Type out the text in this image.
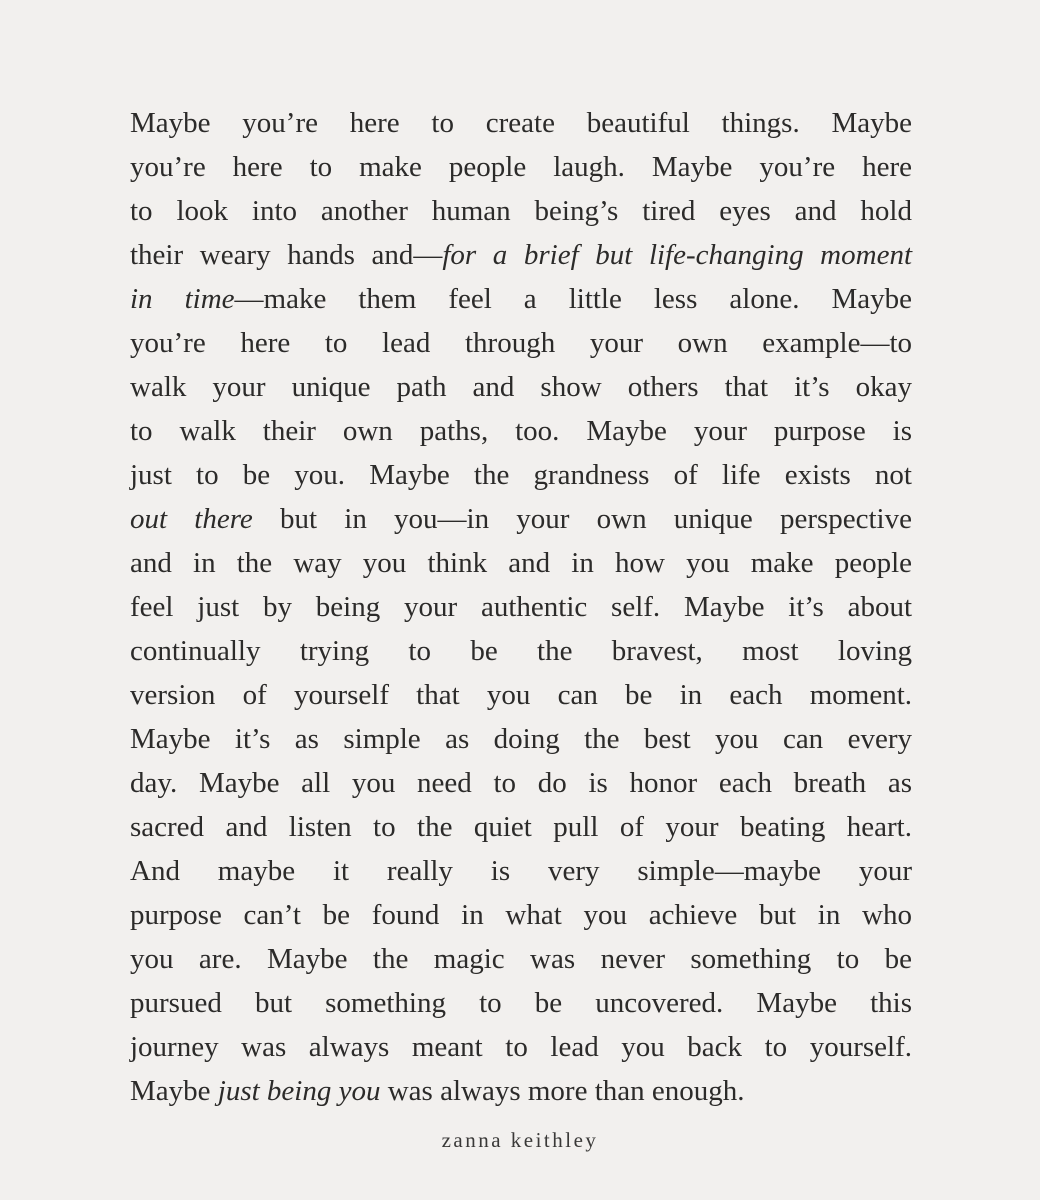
Maybe you’re here to create beautiful things. Maybe
you’re here to make people laugh. Maybe you’re here
to look into another human being’s tired eyes and hold
their weary hands and—for a brief but life-changing moment
in time—make them feel a little less alone. Maybe
you’re here to lead through your own example—to
walk your unique path and show others that it’s okay
to walk their own paths, too. Maybe your purpose is
just to be you. Maybe the grandness of life exists not
out there but in you—in your own unique perspective
and in the way you think and in how you make people
feel just by being your authentic self. Maybe it’s about
continually trying to be the bravest, most loving
version of yourself that you can be in each moment.
Maybe it’s as simple as doing the best you can every
day. Maybe all you need to do is honor each breath as
sacred and listen to the quiet pull of your beating heart.
And maybe it really is very simple—maybe your
purpose can’t be found in what you achieve but in who
you are. Maybe the magic was never something to be
pursued but something to be uncovered. Maybe this
journey was always meant to lead you back to yourself.
Maybe just being you was always more than enough.
zanna keithley
